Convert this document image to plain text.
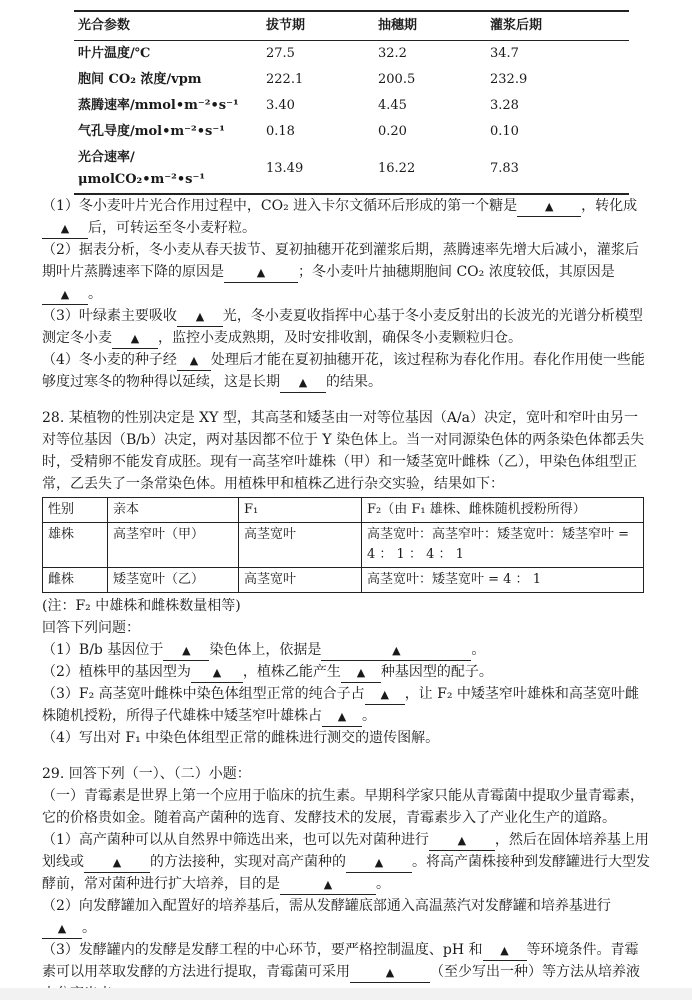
光合参数	拔节期	抽穗期	灌浆后期
叶片温度/℃	27.5	32.2	34.7
胞间 CO₂ 浓度/vpm	222.1	200.5	232.9
蒸腾速率/mmol•m⁻²•s⁻¹	3.40	4.45	3.28
气孔导度/mol•m⁻²•s⁻¹	0.18	0.20	0.10
光合速率/μmolCO₂•m⁻²•s⁻¹	13.49	16.22	7.83

（1）冬小麦叶片光合作用过程中，CO₂ 进入卡尔文循环后形成的第一个糖是	▲ ，转化成▲ 后，可转运至冬小麦籽粒。

（2）据表分析，冬小麦从春天拔节、夏初抽穗开花到灌浆后期，蒸腾速率先增大后减小，灌浆后期叶片蒸腾速率下降的原因是	▲ ；冬小麦叶片抽穗期胞间 CO₂ 浓度较低，其原因是▲ 。

（3）叶绿素主要吸收 ▲ 光，冬小麦夏收指挥中心基于冬小麦反射出的长波光的光谱分析模型测定冬小麦 ▲ ，监控小麦成熟期，及时安排收割，确保冬小麦颗粒归仓。

（4）冬小麦的种子经 ▲ 处理后才能在夏初抽穗开花，该过程称为春化作用。春化作用使一些能够度过寒冬的物种得以延续，这是长期 ▲ 的结果。

28. 某植物的性别决定是 XY 型，其高茎和矮茎由一对等位基因（A/a）决定，宽叶和窄叶由另一对等位基因（B/b）决定，两对基因都不位于 Y 染色体上。当一对同源染色体的两条染色体都丢失时，受精卵不能发育成胚。现有一高茎窄叶雄株（甲）和一矮茎宽叶雌株（乙），甲染色体组型正常，乙丢失了一条常染色体。用植株甲和植株乙进行杂交实验，结果如下：

性别	亲本	F₁	F₂（由 F₁ 雄株、雌株随机授粉所得）
雄株	高茎窄叶（甲）	高茎宽叶	高茎宽叶：高茎窄叶：矮茎宽叶：矮茎窄叶 = 4 ： 1 ： 4 ： 1
雌株	矮茎宽叶（乙）	高茎宽叶	高茎宽叶：矮茎宽叶 = 4 ： 1

(注：F₂ 中雄株和雌株数量相等)

回答下列问题：

（1）B/b 基因位于 ▲ 染色体上，依据是	▲	。

（2）植株甲的基因型为 ▲ ，植株乙能产生 ▲ 种基因型的配子。

（3）F₂ 高茎宽叶雌株中染色体组型正常的纯合子占 ▲ ，让 F₂ 中矮茎窄叶雄株和高茎宽叶雌株随机授粉，所得子代雄株中矮茎窄叶雄株占 ▲ 。

（4）写出对 F₁ 中染色体组型正常的雌株进行测交的遗传图解。

29. 回答下列（一）、（二）小题：

（一）青霉素是世界上第一个应用于临床的抗生素。早期科学家只能从青霉菌中提取少量青霉素，它的价格贵如金。随着高产菌种的选育、发酵技术的发展，青霉素步入了产业化生产的道路。

（1）高产菌种可以从自然界中筛选出来，也可以先对菌种进行	▲ ，然后在固体培养基上用划线或	▲ 的方法接种，实现对高产菌种的	▲ 。将高产菌株接种到发酵罐进行大型发酵前，常对菌种进行扩大培养，目的是	▲	。

（2）向发酵罐加入配置好的培养基后，需从发酵罐底部通入高温蒸汽对发酵罐和培养基进行▲ 。

（3）发酵罐内的发酵是发酵工程的中心环节，要严格控制温度、pH 和 ▲ 等环境条件。青霉素可以用萃取发酵的方法进行提取，青霉菌可采用	▲	（至少写出一种）等方法从培养液
